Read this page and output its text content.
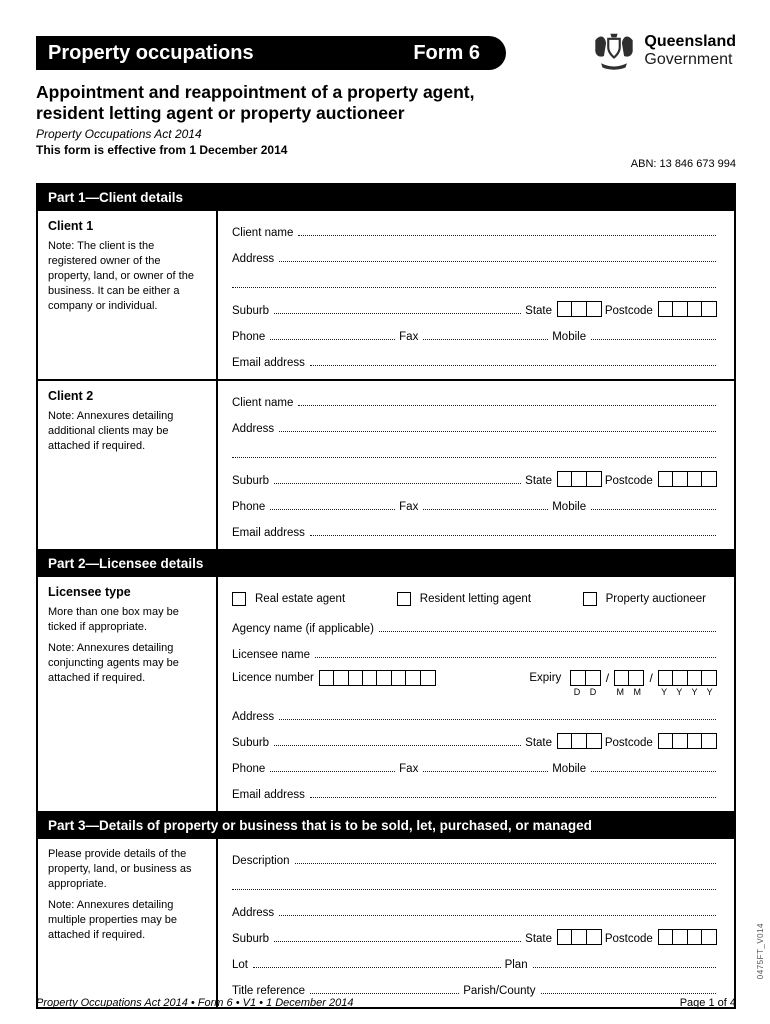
Property occupations	Form 6	Queensland
Government
Appointment and reappointment of a property agent,
resident letting agent or property auctioneer
Property Occupations Act 2014
This form is effective from 1 December 2014
ABN: 13 846 673 994
Part 1—Client details
Client 1
Note: The client is the registered owner of the property, land, or owner of the business. It can be either a company or individual.
Client name
Address
Suburb	State	Postcode
Phone	Fax	Mobile
Email address
Client 2
Note: Annexures detailing additional clients may be attached if required.
Client name
Address
Suburb	State	Postcode
Phone	Fax	Mobile
Email address
Part 2—Licensee details
Licensee type
More than one box may be ticked if appropriate.
Note: Annexures detailing conjuncting agents may be attached if required.
Real estate agent	Resident letting agent	Property auctioneer
Agency name (if applicable)
Licensee name
Licence number	Expiry
D D
/
M M
/
Y Y Y Y
Address
Suburb	State	Postcode
Phone	Fax	Mobile
Email address
Part 3—Details of property or business that is to be sold, let, purchased, or managed
Please provide details of the property, land, or business as appropriate.
Note: Annexures detailing multiple properties may be attached if required.
Description
Address
Suburb	State	Postcode
Lot	Plan
Title reference	Parish/County
Property Occupations Act 2014 • Form 6 • V1 • 1 December 2014	Page 1 of 4
0475FT_V014
